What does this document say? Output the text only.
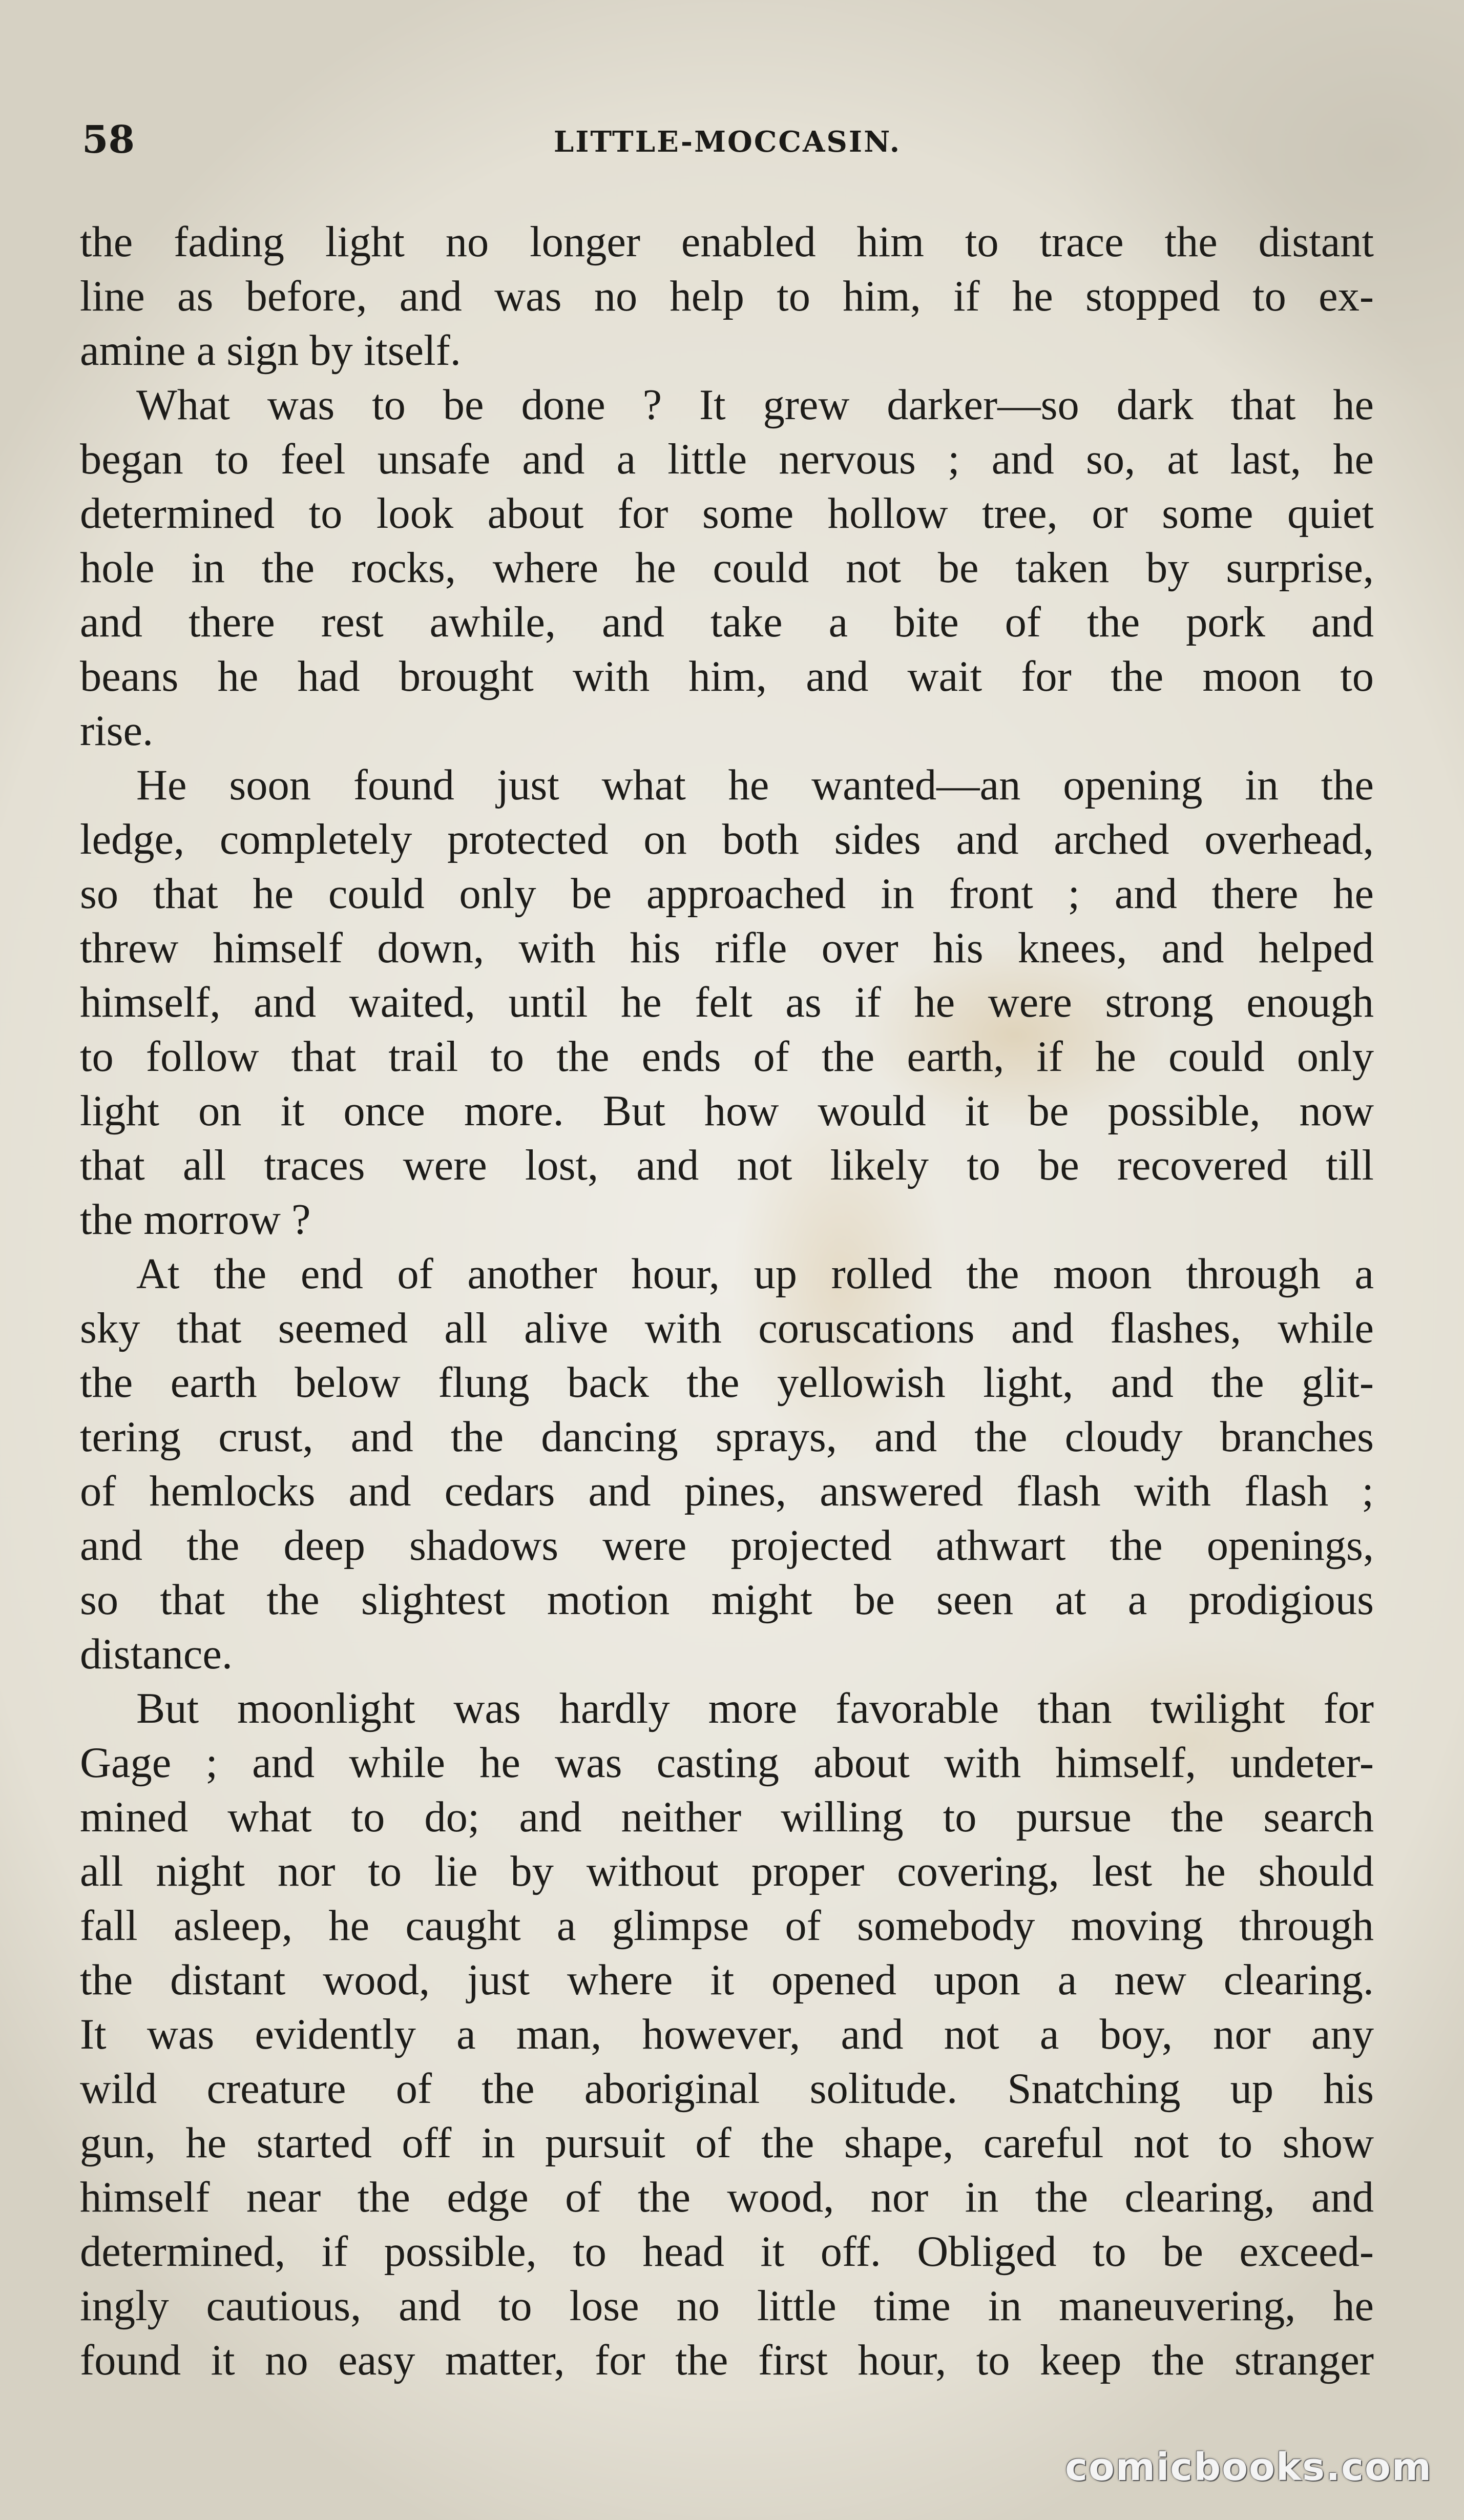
58	LITTLE-MOCCASIN.
the fading light no longer enabled him to trace the distant
line as before, and was no help to him, if he stopped to ex-
amine a sign by itself.
What was to be done ? It grew darker—so dark that he
began to feel unsafe and a little nervous ; and so, at last, he
determined to look about for some hollow tree, or some quiet
hole in the rocks, where he could not be taken by surprise,
and there rest awhile, and take a bite of the pork and
beans he had brought with him, and wait for the moon to
rise.
He soon found just what he wanted—an opening in the
ledge, completely protected on both sides and arched overhead,
so that he could only be approached in front ; and there he
threw himself down, with his rifle over his knees, and helped
himself, and waited, until he felt as if he were strong enough
to follow that trail to the ends of the earth, if he could only
light on it once more. But how would it be possible, now
that all traces were lost, and not likely to be recovered till
the morrow ?
At the end of another hour, up rolled the moon through a
sky that seemed all alive with coruscations and flashes, while
the earth below flung back the yellowish light, and the glit-
tering crust, and the dancing sprays, and the cloudy branches
of hemlocks and cedars and pines, answered flash with flash ;
and the deep shadows were projected athwart the openings,
so that the slightest motion might be seen at a prodigious
distance.
But moonlight was hardly more favorable than twilight for
Gage ; and while he was casting about with himself, undeter-
mined what to do; and neither willing to pursue the search
all night nor to lie by without proper covering, lest he should
fall asleep, he caught a glimpse of somebody moving through
the distant wood, just where it opened upon a new clearing.
It was evidently a man, however, and not a boy, nor any
wild creature of the aboriginal solitude. Snatching up his
gun, he started off in pursuit of the shape, careful not to show
himself near the edge of the wood, nor in the clearing, and
determined, if possible, to head it off. Obliged to be exceed-
ingly cautious, and to lose no little time in maneuvering, he
found it no easy matter, for the first hour, to keep the stranger
comicbooks.com
